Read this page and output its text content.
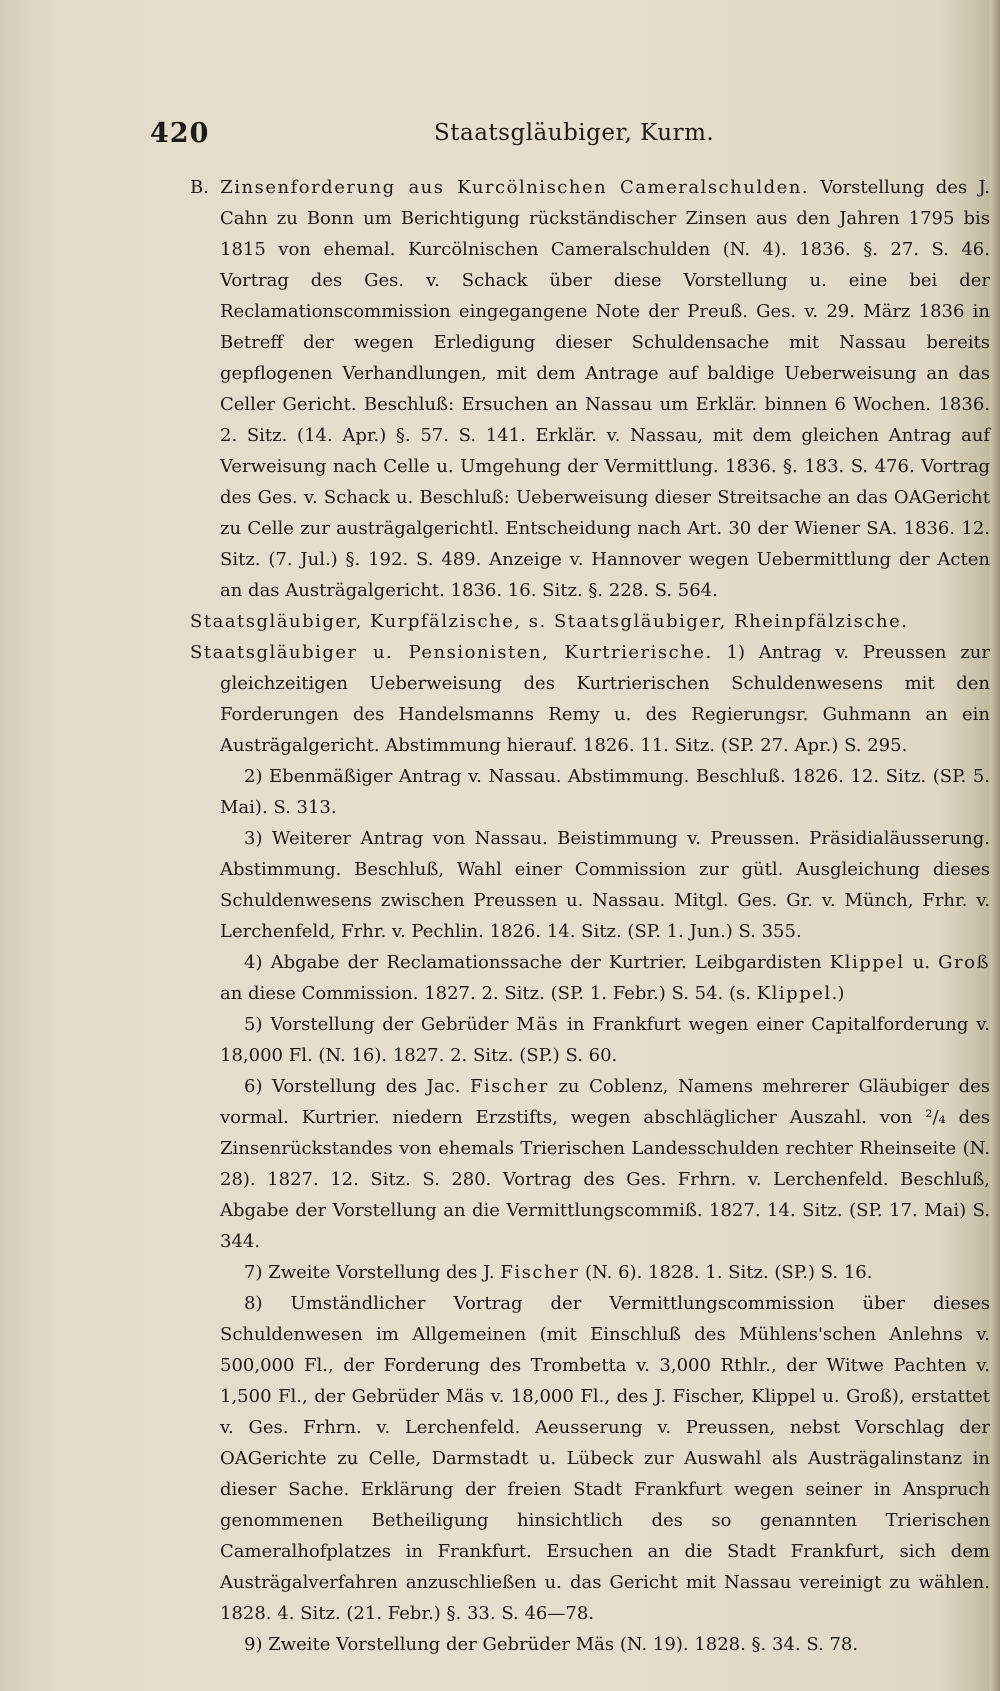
420	Staatsgläubiger, Kurm.

B. Zinsenforderung aus Kurcölnischen Cameralschulden. Vorstellung des J. Cahn zu Bonn um Berichtigung rückständischer Zinsen aus den Jahren 1795 bis 1815 von ehemal. Kurcölnischen Cameralschulden (N. 4). 1836. §. 27. S. 46. Vortrag des Ges. v. Schack über diese Vorstellung u. eine bei der Reclamationscommission eingegangene Note der Preuß. Ges. v. 29. März 1836 in Betreff der wegen Erledigung dieser Schuldensache mit Nassau bereits gepflogenen Verhandlungen, mit dem Antrage auf baldige Ueberweisung an das Celler Gericht. Beschluß: Ersuchen an Nassau um Erklär. binnen 6 Wochen. 1836. 2. Sitz. (14. Apr.) §. 57. S. 141. Erklär. v. Nassau, mit dem gleichen Antrag auf Verweisung nach Celle u. Umgehung der Vermittlung. 1836. §. 183. S. 476. Vortrag des Ges. v. Schack u. Beschluß: Ueberweisung dieser Streitsache an das OAGericht zu Celle zur austrägalgerichtl. Entscheidung nach Art. 30 der Wiener SA. 1836. 12. Sitz. (7. Jul.) §. 192. S. 489. Anzeige v. Hannover wegen Uebermittlung der Acten an das Austrägalgericht. 1836. 16. Sitz. §. 228. S. 564.

Staatsgläubiger, Kurpfälzische, s. Staatsgläubiger, Rheinpfälzische.

Staatsgläubiger u. Pensionisten, Kurtrierische. 1) Antrag v. Preussen zur gleichzeitigen Ueberweisung des Kurtrierischen Schuldenwesens mit den Forderungen des Handelsmanns Remy u. des Regierungsr. Guhmann an ein Austrägalgericht. Abstimmung hierauf. 1826. 11. Sitz. (SP. 27. Apr.) S. 295.

2) Ebenmäßiger Antrag v. Nassau. Abstimmung. Beschluß. 1826. 12. Sitz. (SP. 5. Mai). S. 313.

3) Weiterer Antrag von Nassau. Beistimmung v. Preussen. Präsidialäusserung. Abstimmung. Beschluß, Wahl einer Commission zur gütl. Ausgleichung dieses Schuldenwesens zwischen Preussen u. Nassau. Mitgl. Ges. Gr. v. Münch, Frhr. v. Lerchenfeld, Frhr. v. Pechlin. 1826. 14. Sitz. (SP. 1. Jun.) S. 355.

4) Abgabe der Reclamationssache der Kurtrier. Leibgardisten Klippel u. Groß an diese Commission. 1827. 2. Sitz. (SP. 1. Febr.) S. 54. (s. Klippel.)

5) Vorstellung der Gebrüder Mäs in Frankfurt wegen einer Capitalforderung v. 18,000 Fl. (N. 16). 1827. 2. Sitz. (SP.) S. 60.

6) Vorstellung des Jac. Fischer zu Coblenz, Namens mehrerer Gläubiger des vormal. Kurtrier. niedern Erzstifts, wegen abschläglicher Auszahl. von ²/₄ des Zinsenrückstandes von ehemals Trierischen Landesschulden rechter Rheinseite (N. 28). 1827. 12. Sitz. S. 280. Vortrag des Ges. Frhrn. v. Lerchenfeld. Beschluß, Abgabe der Vorstellung an die Vermittlungscommiß. 1827. 14. Sitz. (SP. 17. Mai) S. 344.

7) Zweite Vorstellung des J. Fischer (N. 6). 1828. 1. Sitz. (SP.) S. 16.

8) Umständlicher Vortrag der Vermittlungscommission über dieses Schuldenwesen im Allgemeinen (mit Einschluß des Mühlens'schen Anlehns v. 500,000 Fl., der Forderung des Trombetta v. 3,000 Rthlr., der Witwe Pachten v. 1,500 Fl., der Gebrüder Mäs v. 18,000 Fl., des J. Fischer, Klippel u. Groß), erstattet v. Ges. Frhrn. v. Lerchenfeld. Aeusserung v. Preussen, nebst Vorschlag der OAGerichte zu Celle, Darmstadt u. Lübeck zur Auswahl als Austrägalinstanz in dieser Sache. Erklärung der freien Stadt Frankfurt wegen seiner in Anspruch genommenen Betheiligung hinsichtlich des so genannten Trierischen Cameralhofplatzes in Frankfurt. Ersuchen an die Stadt Frankfurt, sich dem Austrägalverfahren anzuschließen u. das Gericht mit Nassau vereinigt zu wählen. 1828. 4. Sitz. (21. Febr.) §. 33. S. 46—78.

9) Zweite Vorstellung der Gebrüder Mäs (N. 19). 1828. §. 34. S. 78.
